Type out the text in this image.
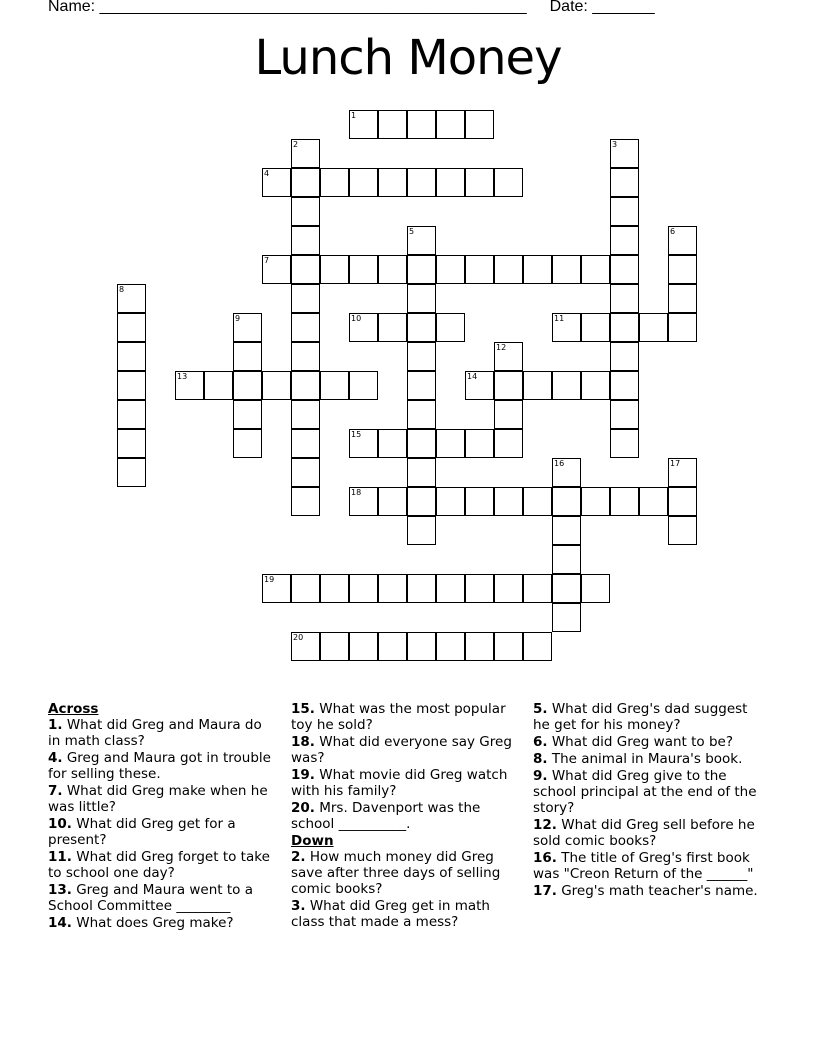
Name: ________________________________________________ Date: _______
Lunch Money
1
4
7
10	11
13	14
15
18
19
20
2	3
5	6
8
9
12
16	17
Across
1. What did Greg and Maura do in math class?
4. Greg and Maura got in trouble for selling these.
7. What did Greg make when he was little?
10. What did Greg get for a present?
11. What did Greg forget to take to school one day?
13. Greg and Maura went to a School Committee ________
14. What does Greg make?
15. What was the most popular toy he sold?
18. What did everyone say Greg was?
19. What movie did Greg watch with his family?
20. Mrs. Davenport was the school __________.
Down
2. How much money did Greg save after three days of selling comic books?
3. What did Greg get in math class that made a mess?
5. What did Greg's dad suggest he get for his money?
6. What did Greg want to be?
8. The animal in Maura's book.
9. What did Greg give to the school principal at the end of the story?
12. What did Greg sell before he sold comic books?
16. The title of Greg's first book was "Creon Return of the ______"
17. Greg's math teacher's name.
